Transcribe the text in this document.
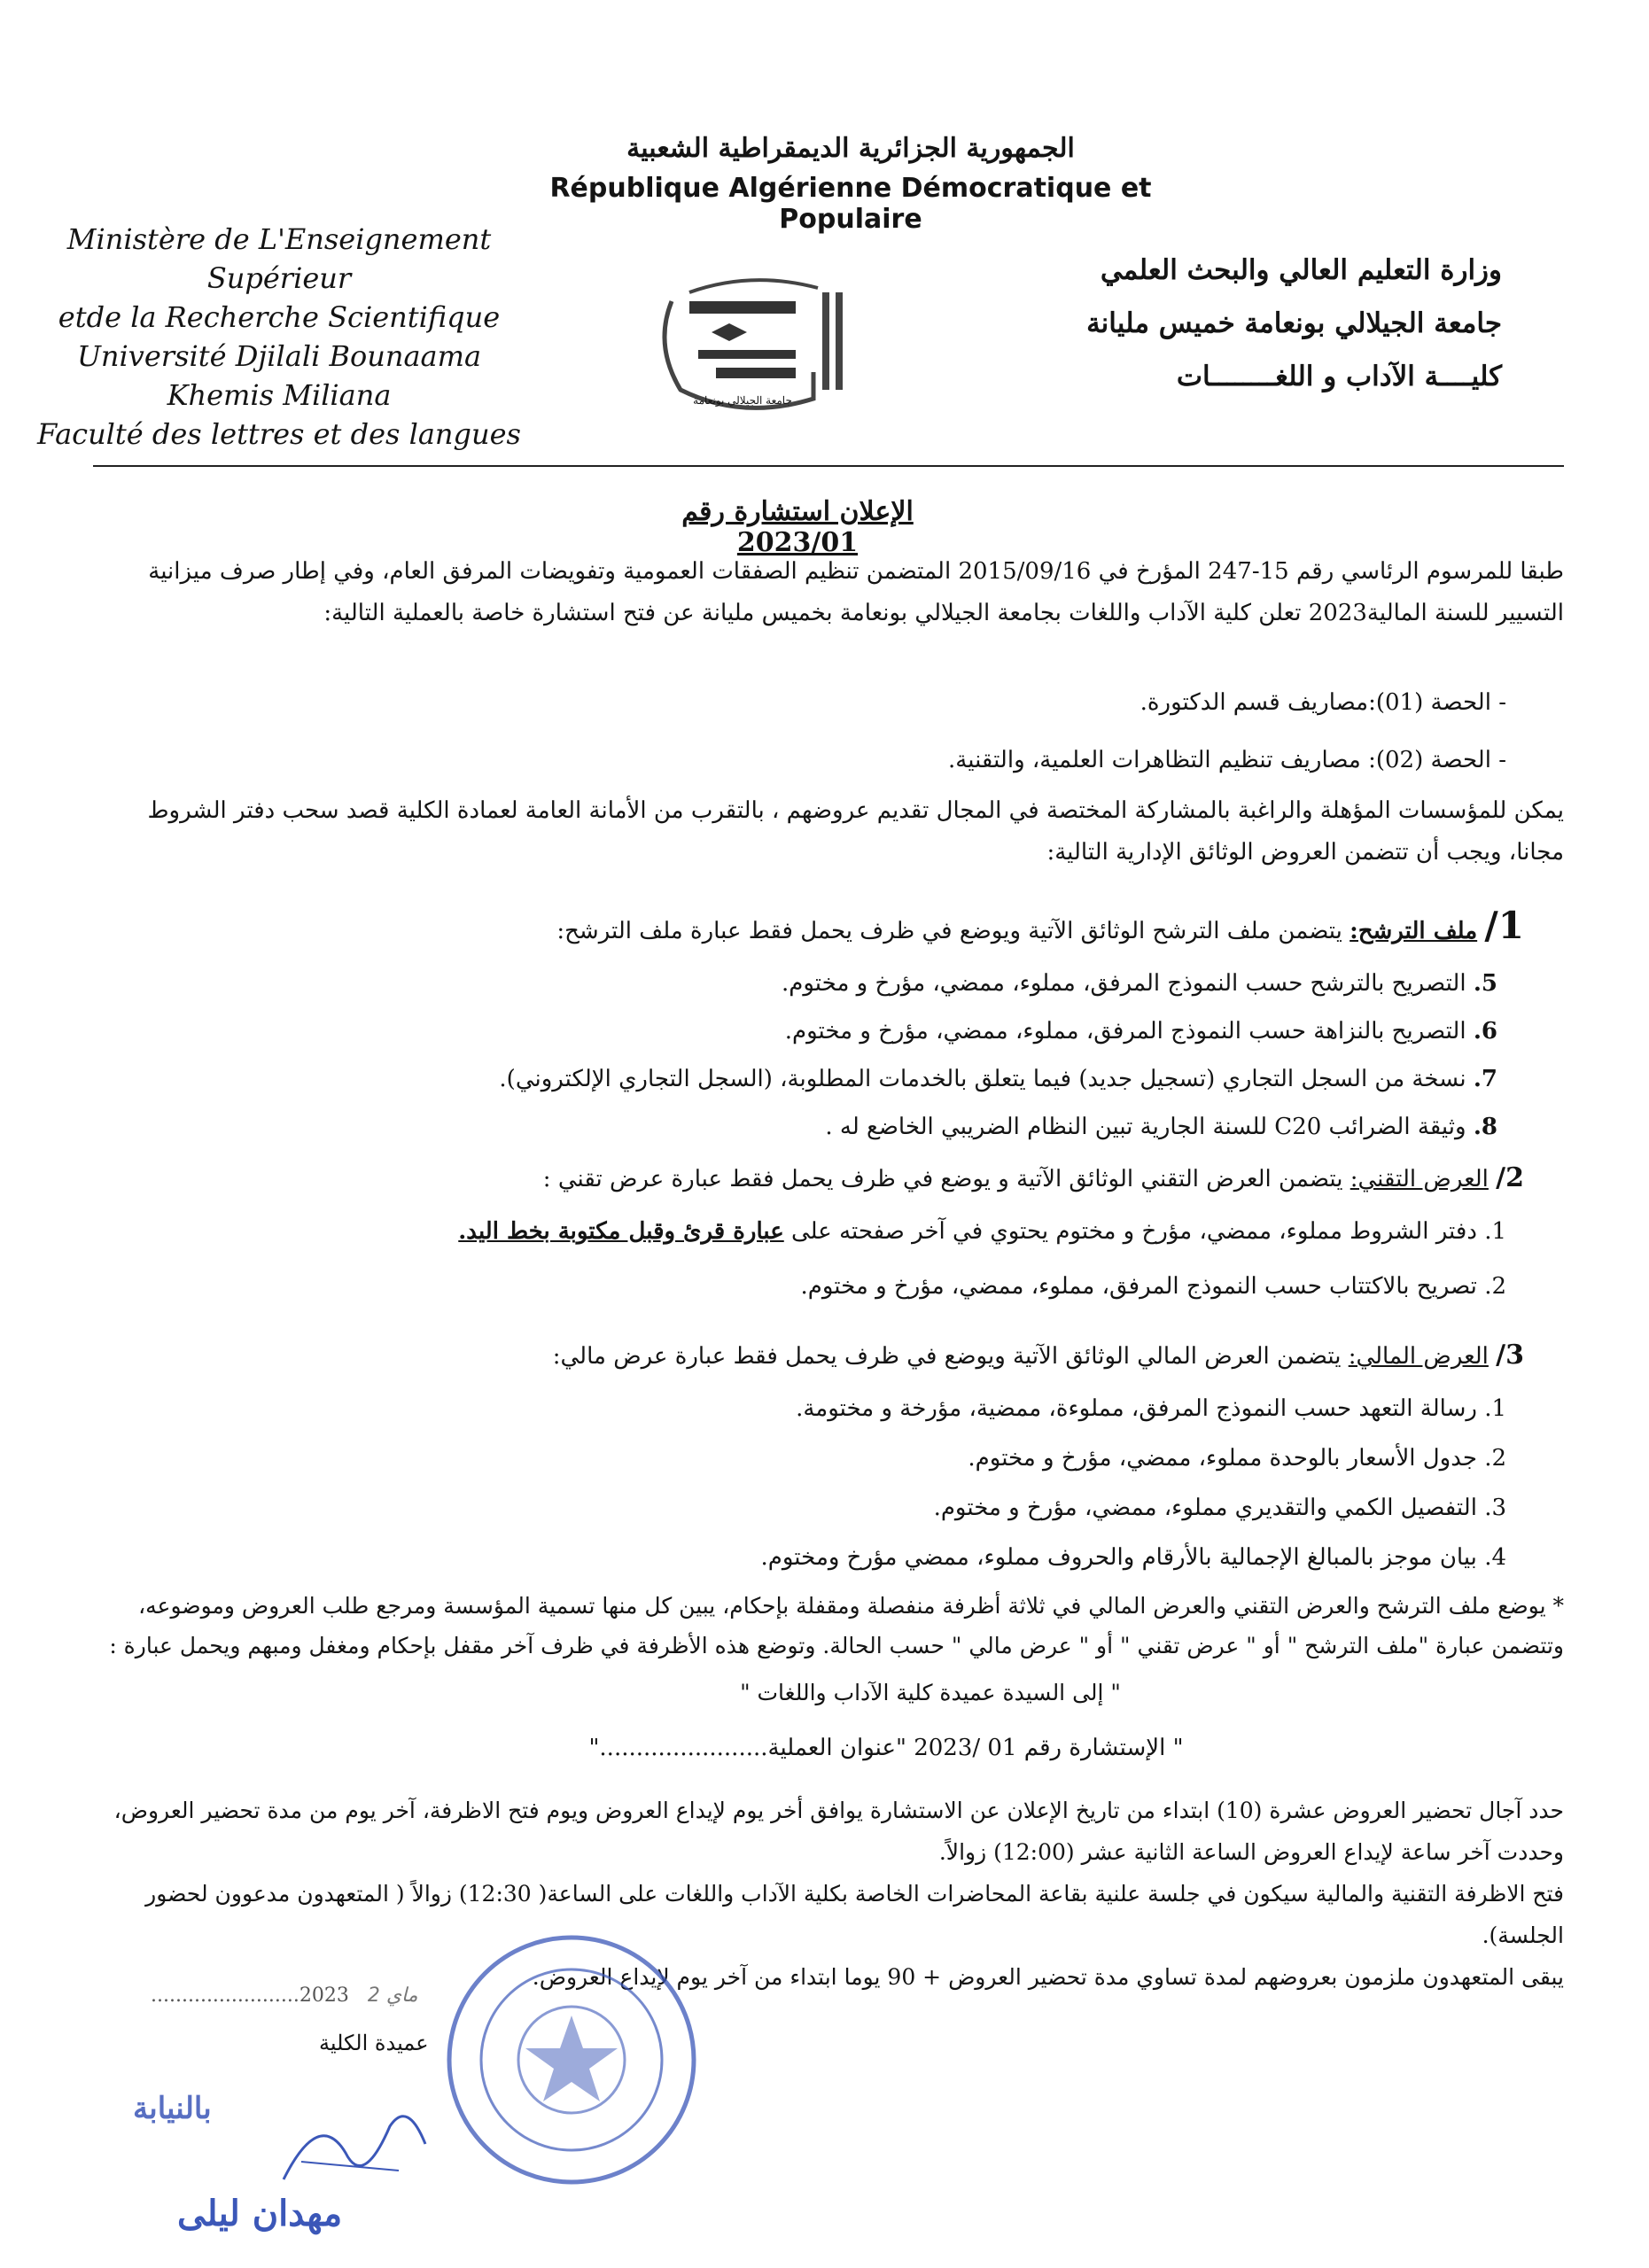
الجمهورية الجزائرية الديمقراطية الشعبية
République Algérienne Démocratique et Populaire
Ministère de L'Enseignement Supérieur
etde la Recherche Scientifique
Université Djilali Bounaama
Khemis Miliana
Faculté des lettres et des langues
جامعة الجيلالي بونعامة
وزارة التعليم العالي والبحث العلمي
جامعة الجيلالي بونعامة خميس مليانة
كليــــة الآداب و اللغــــــــات
الإعلان استشارة رقم 2023/01
طبقا للمرسوم الرئاسي رقم 15-247 المؤرخ في 2015/09/16 المتضمن تنظيم الصفقات العمومية وتفويضات المرفق العام، وفي إطار صرف ميزانية التسيير للسنة المالية2023 تعلن كلية الآداب واللغات بجامعة الجيلالي بونعامة بخميس مليانة عن فتح استشارة خاصة بالعملية التالية:
- الحصة (01):مصاريف قسم الدكتورة.
- الحصة (02): مصاريف تنظيم التظاهرات العلمية، والتقنية.
يمكن للمؤسسات المؤهلة والراغبة بالمشاركة المختصة في المجال تقديم عروضهم ، بالتقرب من الأمانة العامة لعمادة الكلية قصد سحب دفتر الشروط مجانا، ويجب أن تتضمن العروض الوثائق الإدارية التالية:
1/ ملف الترشح: يتضمن ملف الترشح الوثائق الآتية ويوضع في ظرف يحمل فقط عبارة ملف الترشح:
5. التصريح بالترشح حسب النموذج المرفق، مملوء، ممضي، مؤرخ و مختوم.
6. التصريح بالنزاهة حسب النموذج المرفق، مملوء، ممضي، مؤرخ و مختوم.
7. نسخة من السجل التجاري (تسجيل جديد) فيما يتعلق بالخدمات المطلوبة، (السجل التجاري الإلكتروني).
8. وثيقة الضرائب C20 للسنة الجارية تبين النظام الضريبي الخاضع له .
2/ العرض التقني: يتضمن العرض التقني الوثائق الآتية و يوضع في ظرف يحمل فقط عبارة عرض تقني :
1. دفتر الشروط مملوء، ممضي، مؤرخ و مختوم يحتوي في آخر صفحته على عبارة قرئ وقبل مكتوبة بخط اليد.
2. تصريح بالاكتتاب حسب النموذج المرفق، مملوء، ممضي، مؤرخ و مختوم.
3/ العرض المالي: يتضمن العرض المالي الوثائق الآتية ويوضع في ظرف يحمل فقط عبارة عرض مالي:
1. رسالة التعهد حسب النموذج المرفق، مملوءة، ممضية، مؤرخة و مختومة.
2. جدول الأسعار بالوحدة مملوء، ممضي، مؤرخ و مختوم.
3. التفصيل الكمي والتقديري مملوء، ممضي، مؤرخ و مختوم.
4. بيان موجز بالمبالغ الإجمالية بالأرقام والحروف مملوء، ممضي مؤرخ ومختوم.
* يوضع ملف الترشح والعرض التقني والعرض المالي في ثلاثة أظرفة منفصلة ومقفلة بإحكام، يبين كل منها تسمية المؤسسة ومرجع طلب العروض وموضوعه، وتتضمن عبارة "ملف الترشح " أو " عرض تقني " أو " عرض مالي " حسب الحالة. وتوضع هذه الأظرفة في ظرف آخر مقفل بإحكام ومغفل ومبهم ويحمل عبارة :
" إلى السيدة عميدة كلية الآداب واللغات "
" الإستشارة رقم 01 /2023 "عنوان العملية......................."
حدد آجال تحضير العروض عشرة (10) ابتداء من تاريخ الإعلان عن الاستشارة يوافق أخر يوم لإيداع العروض ويوم فتح الاظرفة، آخر يوم من مدة تحضير العروض،
وحددت آخر ساعة لإيداع العروض الساعة الثانية عشر (12:00) زوالاً.
فتح الاظرفة التقنية والمالية سيكون في جلسة علنية بقاعة المحاضرات الخاصة بكلية الآداب واللغات على الساعة( 12:30) زوالاً ( المتعهدون مدعوون لحضور الجلسة).
يبقى المتعهدون ملزمون بعروضهم لمدة تساوي مدة تحضير العروض + 90 يوما ابتداء من آخر يوم لإيداع العروض.
........................2023 ماي 2
عميدة الكلية
بالنيابة
مهدان ليلى
